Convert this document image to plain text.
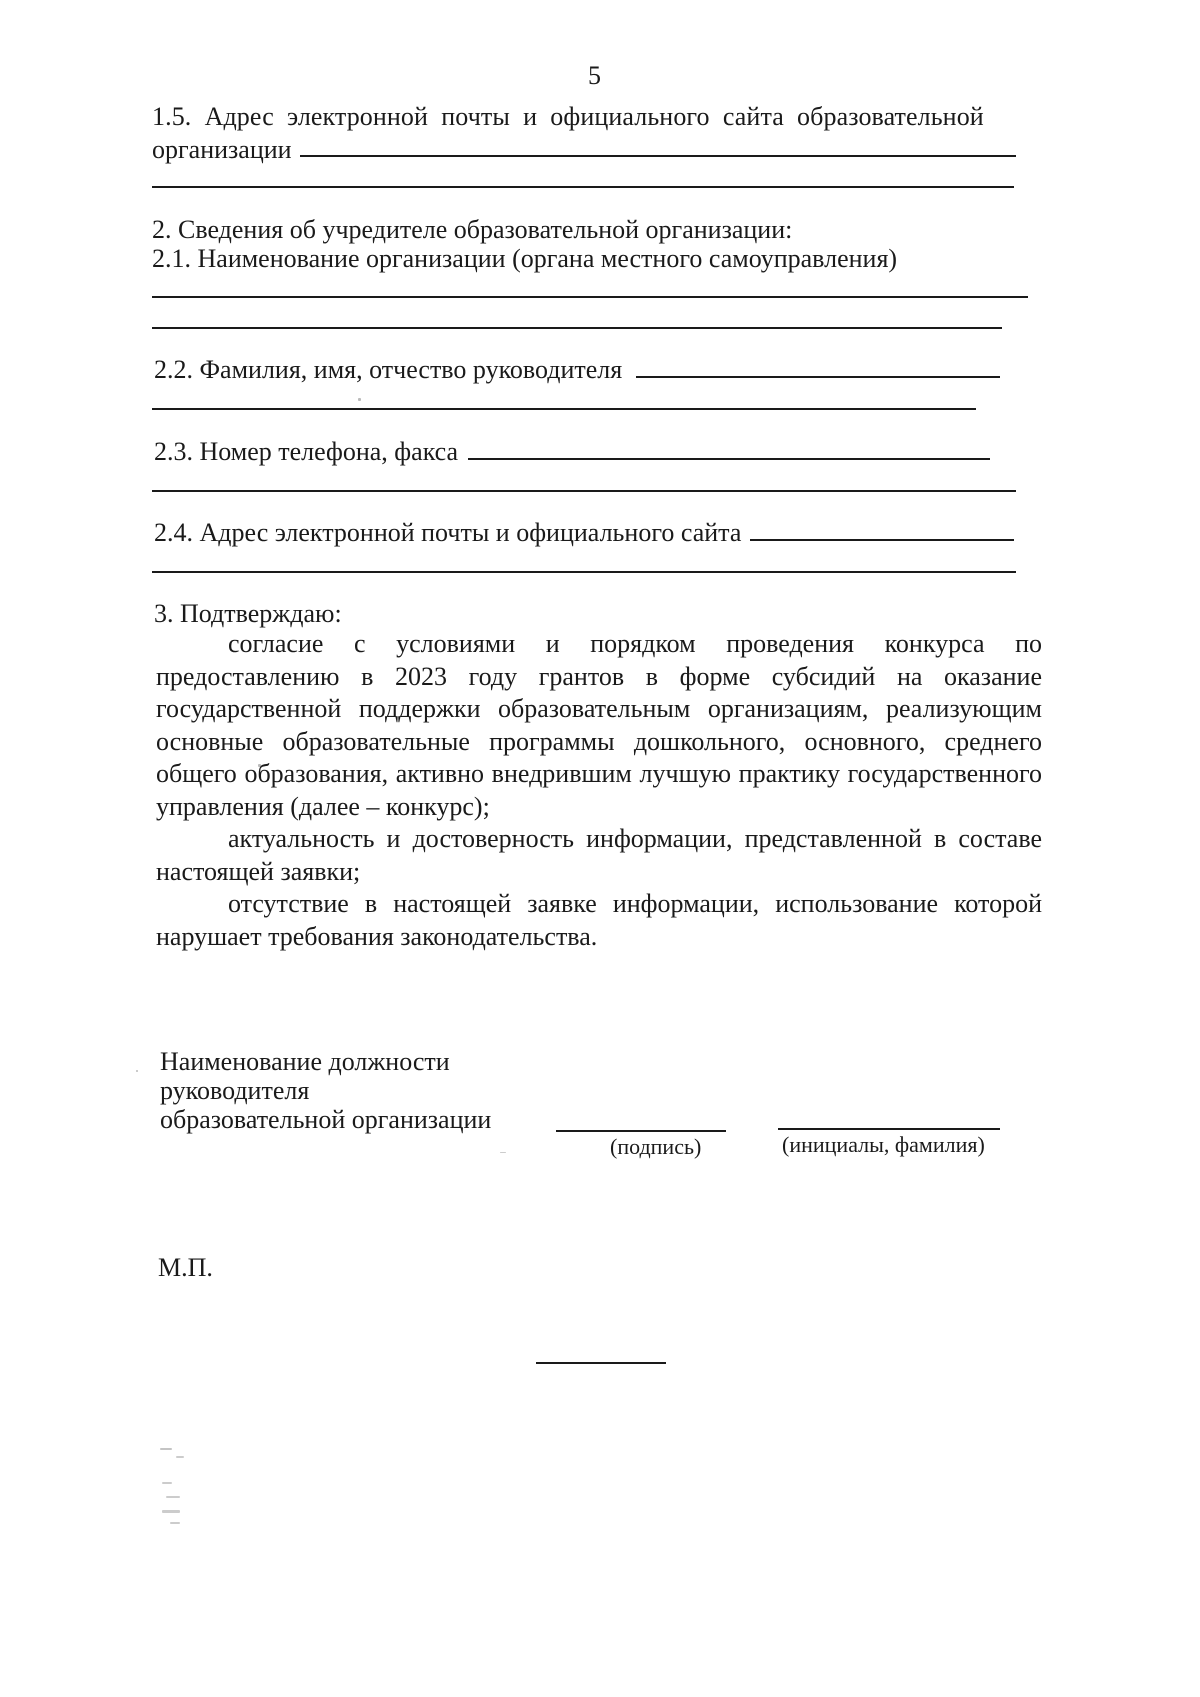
5
1.5.  Адрес  электронной  почты  и  официального  сайта  образовательной
организации
2. Сведения об учредителе образовательной организации:
2.1. Наименование организации (органа местного самоуправления)
2.2. Фамилия, имя, отчество руководителя
2.3. Номер телефона, факса
2.4. Адрес электронной почты и официального сайта
3. Подтверждаю:

согласие с условиями и порядком проведения конкурса по предоставлению в 2023 году грантов в форме субсидий на оказание государственной поддержки образовательным организациям, реализующим основные образовательные программы дошкольного, основного, среднего общего образования, активно внедрившим лучшую практику государственного управления (далее – конкурс);

актуальность и достоверность информации, представленной в составе настоящей заявки;

отсутствие в настоящей заявке информации, использование которой нарушает требования законодательства.

Наименование должности
руководителя
образовательной организации
(подпись)	(инициалы, фамилия)
М.П.
